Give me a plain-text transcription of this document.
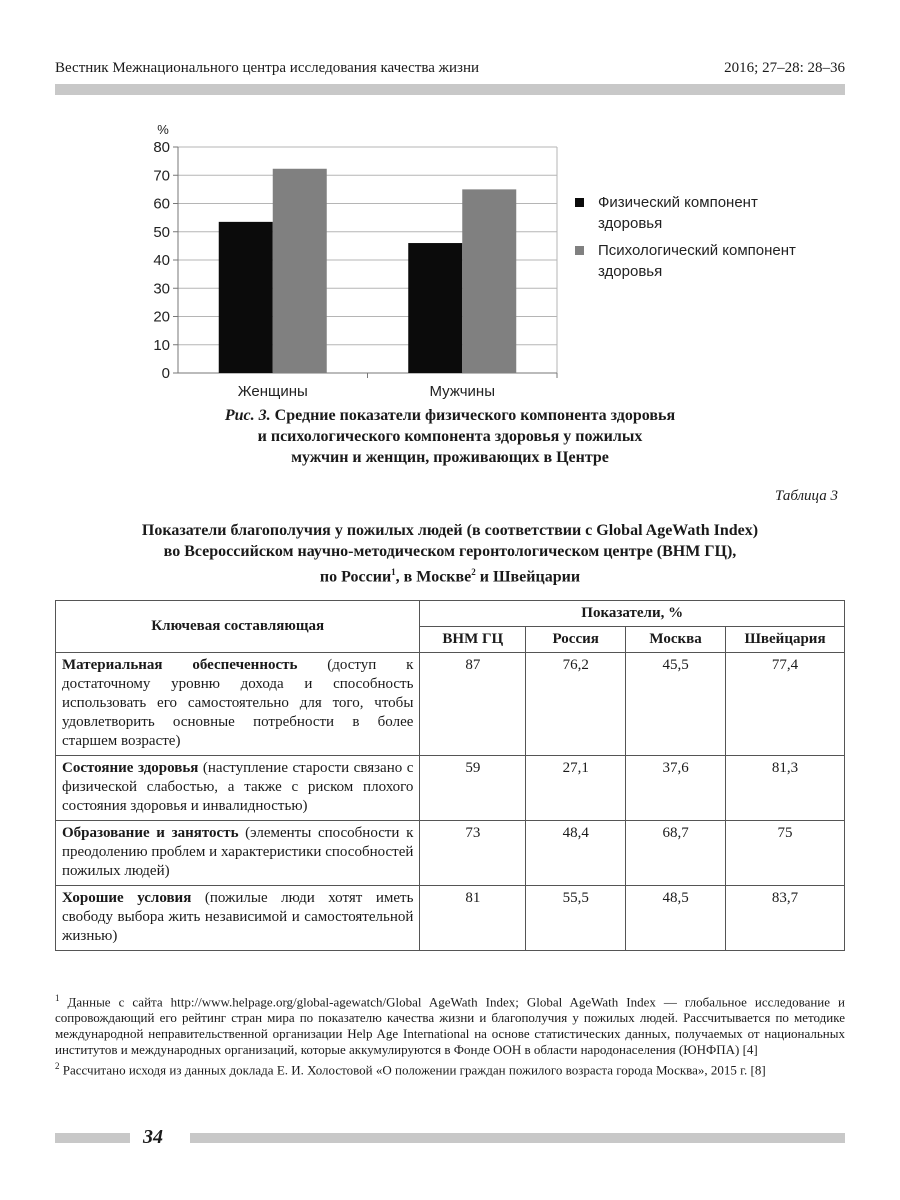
Вестник Межнационального центра исследования качества жизни	2016; 27–28: 28–36
%
0
10
20
30
40
50
60
70
80
Женщины	Мужчины
Физический компонент
здоровья
Психологический компонент
здоровья
Рис. 3. Средние показатели физического компонента здоровья
и психологического компонента здоровья у пожилых
мужчин и женщин, проживающих в Центре
Таблица 3
Показатели благополучия у пожилых людей (в соответствии с Global AgeWath Index)
во Всероссийском научно-методическом геронтологическом центре (ВНМ ГЦ),
по России$^1$, в Москве$^2$ и Швейцарии
Ключевая составляющая	Показатели, %			
	ВНМ ГЦ	Россия	Москва	Швейцария
Материальная обеспеченность (доступ к достаточному уровню дохода и способность использовать его самостоятельно для того, чтобы удовлетворить основные потребности в более старшем возрасте)	87	76,2	45,5	77,4
Состояние здоровья (наступление старости связано с физической слабостью, а также с риском плохого состояния здоровья и инвалидностью)	59	27,1	37,6	81,3
Образование и занятость (элементы способности к преодолению проблем и характеристики способностей пожилых людей)	73	48,4	68,7	75
Хорошие условия (пожилые люди хотят иметь свободу выбора жить независимой и самостоятельной жизнью)	81	55,5	48,5	83,7

$^1$ Данные с сайта http://www.helpage.org/global-agewatch/Global AgeWath Index; Global AgeWath Index — глобальное исследование и сопровождающий его рейтинг стран мира по показателю качества жизни и благополучия у пожилых людей. Рассчитывается по методике международной неправительственной организации Help Age International на основе статистических данных, получаемых от национальных институтов и международных организаций, которые аккумулируются в Фонде ООН в области народонаселения (ЮНФПА) [4]

$^2$ Рассчитано исходя из данных доклада Е. И. Холостовой «О положении граждан пожилого возраста города Москва», 2015 г. [8]

34
